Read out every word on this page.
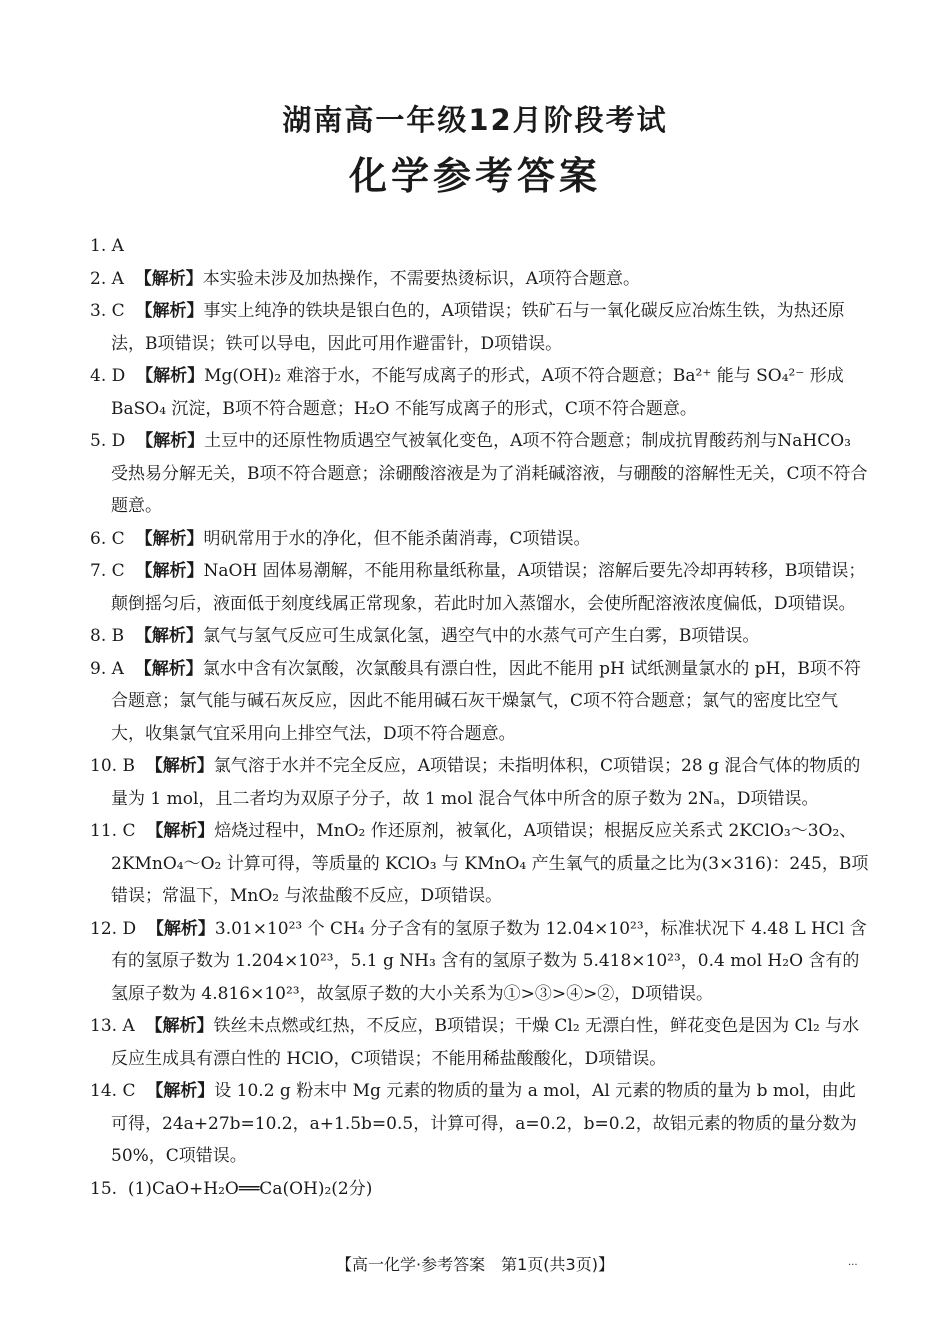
湖南高一年级12月阶段考试
化学参考答案
1. A
2. A 【解析】本实验未涉及加热操作，不需要热烫标识，A项符合题意。
3. C 【解析】事实上纯净的铁块是银白色的，A项错误；铁矿石与一氧化碳反应冶炼生铁，为热还原法，B项错误；铁可以导电，因此可用作避雷针，D项错误。
4. D 【解析】Mg(OH)₂ 难溶于水，不能写成离子的形式，A项不符合题意；Ba²⁺ 能与 SO₄²⁻ 形成 BaSO₄ 沉淀，B项不符合题意；H₂O 不能写成离子的形式，C项不符合题意。
5. D 【解析】土豆中的还原性物质遇空气被氧化变色，A项不符合题意；制成抗胃酸药剂与NaHCO₃ 受热易分解无关，B项不符合题意；涂硼酸溶液是为了消耗碱溶液，与硼酸的溶解性无关，C项不符合题意。
6. C 【解析】明矾常用于水的净化，但不能杀菌消毒，C项错误。
7. C 【解析】NaOH 固体易潮解，不能用称量纸称量，A项错误；溶解后要先冷却再转移，B项错误；颠倒摇匀后，液面低于刻度线属正常现象，若此时加入蒸馏水，会使所配溶液浓度偏低，D项错误。
8. B 【解析】氯气与氢气反应可生成氯化氢，遇空气中的水蒸气可产生白雾，B项错误。
9. A 【解析】氯水中含有次氯酸，次氯酸具有漂白性，因此不能用 pH 试纸测量氯水的 pH，B项不符合题意；氯气能与碱石灰反应，因此不能用碱石灰干燥氯气，C项不符合题意；氯气的密度比空气大，收集氯气宜采用向上排空气法，D项不符合题意。
10. B 【解析】氯气溶于水并不完全反应，A项错误；未指明体积，C项错误；28 g 混合气体的物质的量为 1 mol，且二者均为双原子分子，故 1 mol 混合气体中所含的原子数为 2Nₐ，D项错误。
11. C 【解析】焙烧过程中，MnO₂ 作还原剂，被氧化，A项错误；根据反应关系式 2KClO₃～3O₂、2KMnO₄～O₂ 计算可得，等质量的 KClO₃ 与 KMnO₄ 产生氧气的质量之比为(3×316)：245，B项错误；常温下，MnO₂ 与浓盐酸不反应，D项错误。
12. D 【解析】3.01×10²³ 个 CH₄ 分子含有的氢原子数为 12.04×10²³，标准状况下 4.48 L HCl 含有的氢原子数为 1.204×10²³，5.1 g NH₃ 含有的氢原子数为 5.418×10²³，0.4 mol H₂O 含有的氢原子数为 4.816×10²³，故氢原子数的大小关系为①>③>④>②，D项错误。
13. A 【解析】铁丝未点燃或红热，不反应，B项错误；干燥 Cl₂ 无漂白性，鲜花变色是因为 Cl₂ 与水反应生成具有漂白性的 HClO，C项错误；不能用稀盐酸酸化，D项错误。
14. C 【解析】设 10.2 g 粉末中 Mg 元素的物质的量为 a mol，Al 元素的物质的量为 b mol，由此可得，24a+27b=10.2，a+1.5b=0.5，计算可得，a=0.2，b=0.2，故铝元素的物质的量分数为 50%，C项错误。
15. (1)CaO+H₂O══Ca(OH)₂(2分)
【高一化学·参考答案　第1页(共3页)】	...
